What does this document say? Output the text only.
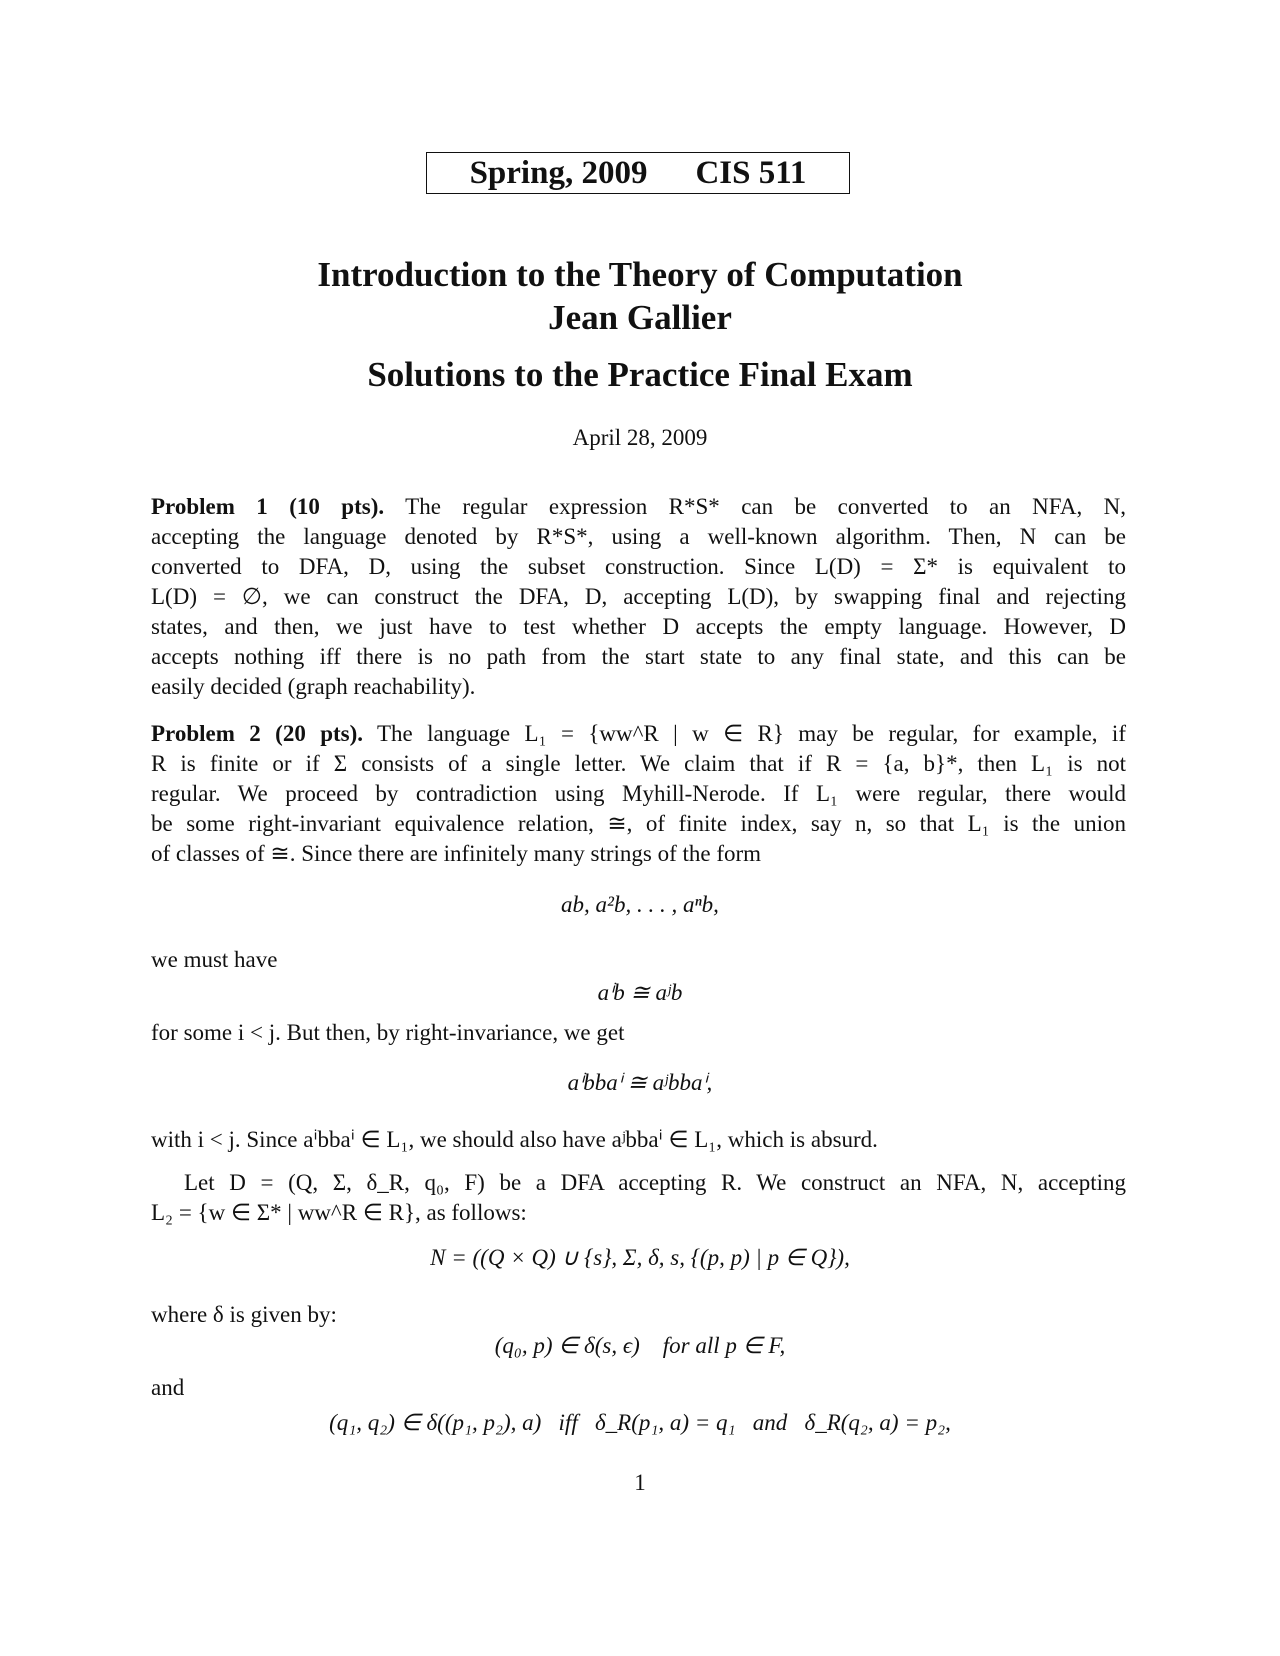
Spring, 2009 CIS 511
Introduction to the Theory of Computation
Jean Gallier
Solutions to the Practice Final Exam
April 28, 2009
Problem 1 (10 pts). The regular expression R*S* can be converted to an NFA, N,
accepting the language denoted by R*S*, using a well-known algorithm. Then, N can be
converted to DFA, D, using the subset construction. Since L(D) = Σ* is equivalent to
L(D) = ∅, we can construct the DFA, D, accepting L(D), by swapping final and rejecting
states, and then, we just have to test whether D accepts the empty language. However, D
accepts nothing iff there is no path from the start state to any final state, and this can be
easily decided (graph reachability).
Problem 2 (20 pts). The language L₁ = {ww^R | w ∈ R} may be regular, for example, if
R is finite or if Σ consists of a single letter. We claim that if R = {a, b}*, then L₁ is not
regular. We proceed by contradiction using Myhill-Nerode. If L₁ were regular, there would
be some right-invariant equivalence relation, ≅, of finite index, say n, so that L₁ is the union
of classes of ≅. Since there are infinitely many strings of the form
ab, a²b, . . . , aⁿb,
we must have
aⁱb ≅ aʲb
for some i < j. But then, by right-invariance, we get
aⁱbbaⁱ ≅ aʲbbaⁱ,
with i < j. Since aⁱbbaⁱ ∈ L₁, we should also have aʲbbaⁱ ∈ L₁, which is absurd.
Let D = (Q, Σ, δ_R, q₀, F) be a DFA accepting R. We construct an NFA, N, accepting
L₂ = {w ∈ Σ* | ww^R ∈ R}, as follows:
N = ((Q × Q) ∪ {s}, Σ, δ, s, {(p, p) | p ∈ Q}),
where δ is given by:
(q₀, p) ∈ δ(s, ϵ)    for all p ∈ F,
and
(q₁, q₂) ∈ δ((p₁, p₂), a)   iff   δ_R(p₁, a) = q₁   and   δ_R(q₂, a) = p₂,
1
